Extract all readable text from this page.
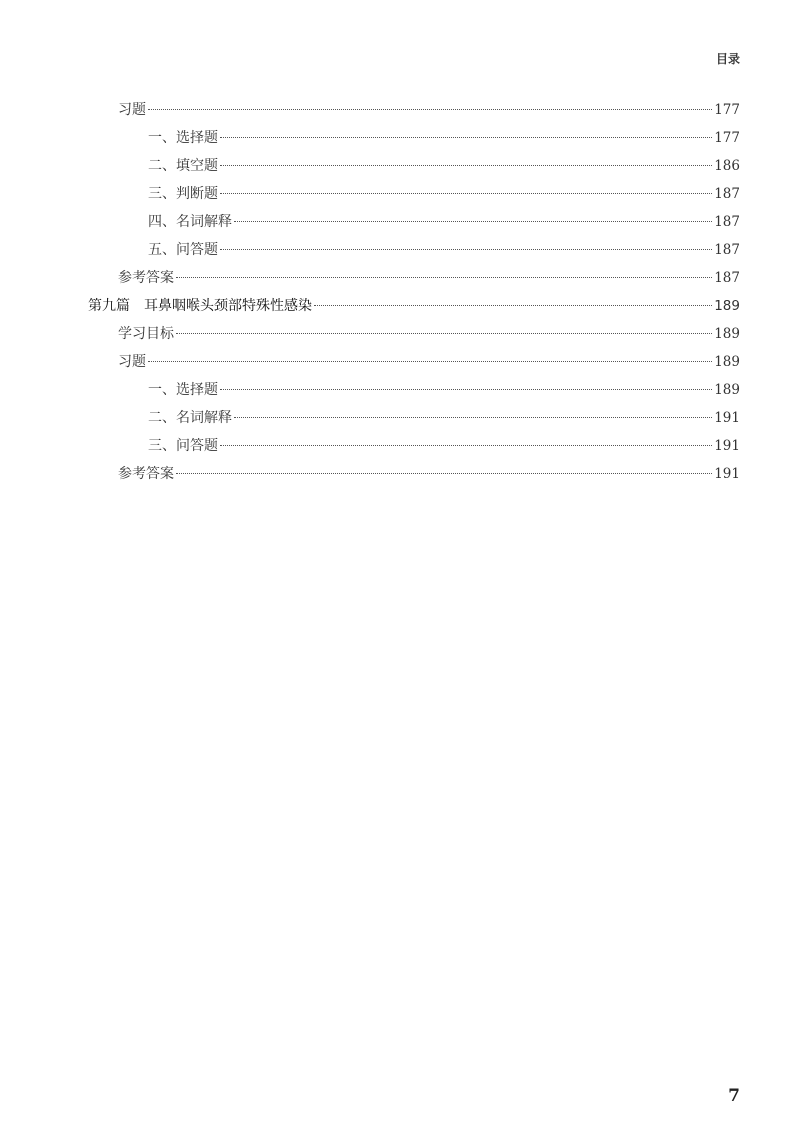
目录
习题	177
一、选择题	177
二、填空题	186
三、判断题	187
四、名词解释	187
五、问答题	187
参考答案	187
第九篇　耳鼻咽喉头颈部特殊性感染	189
学习目标	189
习题	189
一、选择题	189
二、名词解释	191
三、问答题	191
参考答案	191
7
